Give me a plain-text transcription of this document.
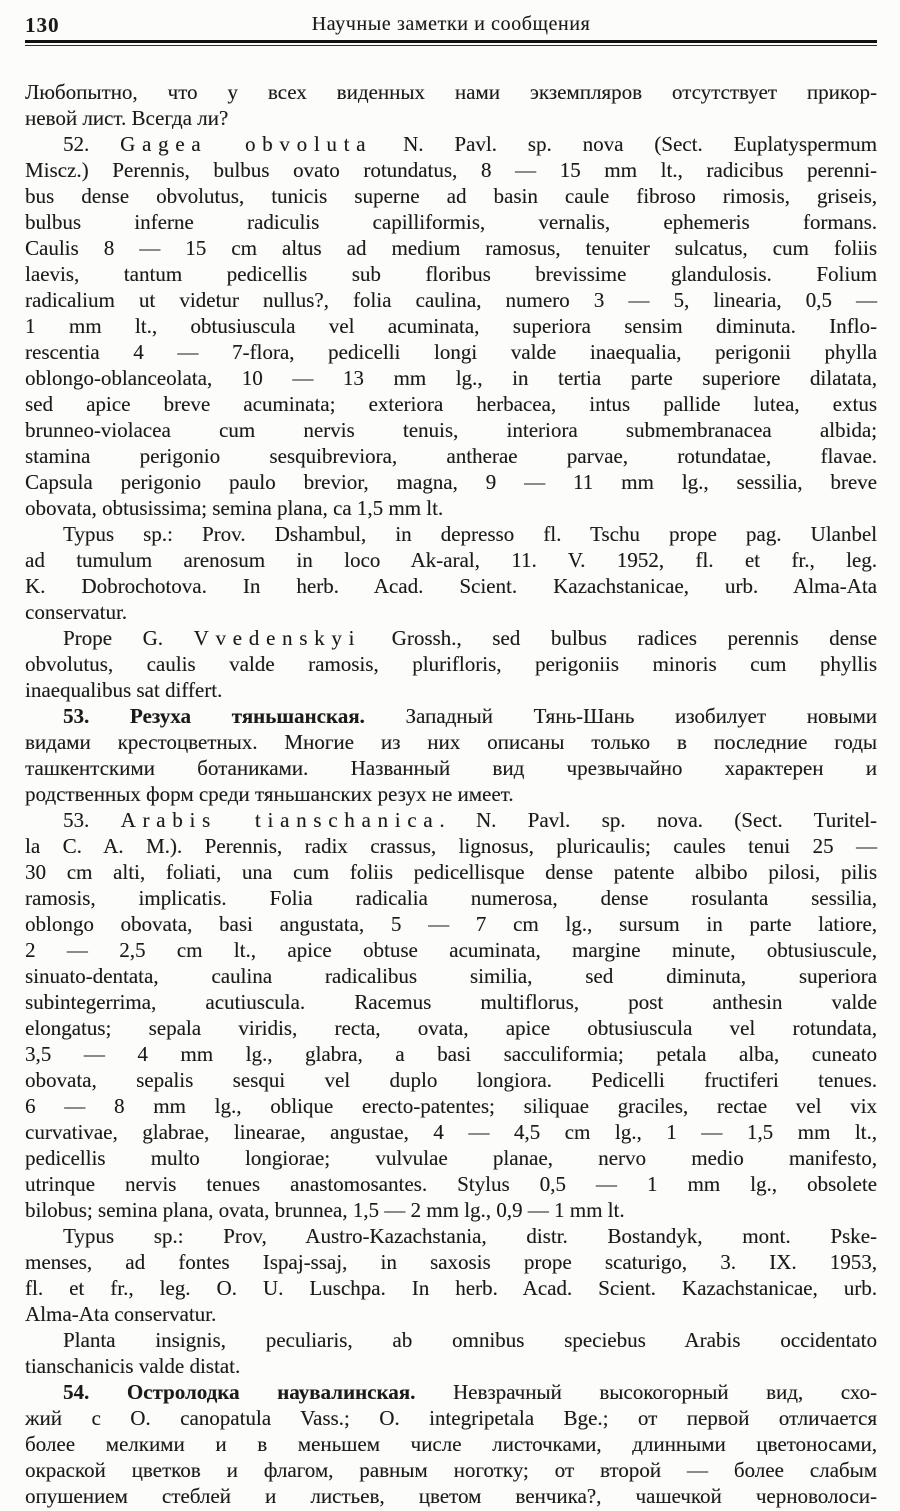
130	Научные заметки и сообщения
Любопытно, что у всех виденных нами экземпляров отсутствует прикор-
невой лист. Всегда ли?
52. Gagea obvoluta N. Pavl. sp. nova (Sect. Euplatyspermum
Miscz.) Perennis, bulbus ovato rotundatus, 8 — 15 mm lt., radicibus perenni-
bus dense obvolutus, tunicis superne ad basin caule fibroso rimosis, griseis,
bulbus inferne radiculis capilliformis, vernalis, ephemeris formans.
Caulis 8 — 15 cm altus ad medium ramosus, tenuiter sulcatus, cum foliis
laevis, tantum pedicellis sub floribus brevissime glandulosis. Folium
radicalium ut videtur nullus?, folia caulina, numero 3 — 5, linearia, 0,5 —
1 mm lt., obtusiuscula vel acuminata, superiora sensim diminuta. Inflo-
rescentia 4 — 7-flora, pedicelli longi valde inaequalia, perigonii phylla
oblongo-oblanceolata, 10 — 13 mm lg., in tertia parte superiore dilatata,
sed apice breve acuminata; exteriora herbacea, intus pallide lutea, extus
brunneo-violacea cum nervis tenuis, interiora submembranacea albida;
stamina perigonio sesquibreviora, antherae parvae, rotundatae, flavae.
Capsula perigonio paulo brevior, magna, 9 — 11 mm lg., sessilia, breve
obovata, obtusissima; semina plana, ca 1,5 mm lt.
Typus sp.: Prov. Dshambul, in depresso fl. Tschu prope pag. Ulanbel
ad tumulum arenosum in loco Ak-aral, 11. V. 1952, fl. et fr., leg.
K. Dobrochotova. In herb. Acad. Scient. Kazachstanicae, urb. Alma-Ata
conservatur.
Prope G. Vvedenskyi Grossh., sed bulbus radices perennis dense
obvolutus, caulis valde ramosis, plurifloris, perigoniis minoris cum phyllis
inaequalibus sat differt.
53. Резуха тяньшанская. Западный Тянь-Шань изобилует новыми
видами крестоцветных. Многие из них описаны только в последние годы
ташкентскими ботаниками. Названный вид чрезвычайно характерен и
родственных форм среди тяньшанских резух не имеет.
53. Arabis tianschanica. N. Pavl. sp. nova. (Sect. Turitel-
la C. A. M.). Perennis, radix crassus, lignosus, pluricaulis; caules tenui 25 —
30 cm alti, foliati, una cum foliis pedicellisque dense patente albibo pilosi, pilis
ramosis, implicatis. Folia radicalia numerosa, dense rosulanta sessilia,
oblongo obovata, basi angustata, 5 — 7 cm lg., sursum in parte latiore,
2 — 2,5 cm lt., apice obtuse acuminata, margine minute, obtusiuscule,
sinuato-dentata, caulina radicalibus similia, sed diminuta, superiora
subintegerrima, acutiuscula. Racemus multiflorus, post anthesin valde
elongatus; sepala viridis, recta, ovata, apice obtusiuscula vel rotundata,
3,5 — 4 mm lg., glabra, a basi sacculiformia; petala alba, cuneato
obovata, sepalis sesqui vel duplo longiora. Pedicelli fructiferi tenues.
6 — 8 mm lg., oblique erecto-patentes; siliquae graciles, rectae vel vix
curvativae, glabrae, linearae, angustae, 4 — 4,5 cm lg., 1 — 1,5 mm lt.,
pedicellis multo longiorae; vulvulae planae, nervo medio manifesto,
utrinque nervis tenues anastomosantes. Stylus 0,5 — 1 mm lg., obsolete
bilobus; semina plana, ovata, brunnea, 1,5 — 2 mm lg., 0,9 — 1 mm lt.
Typus sp.: Prov, Austro-Kazachstania, distr. Bostandyk, mont. Pske-
menses, ad fontes Ispaj-ssaj, in saxosis prope scaturigo, 3. IX. 1953,
fl. et fr., leg. O. U. Luschpa. In herb. Acad. Scient. Kazachstanicae, urb.
Alma-Ata conservatur.
Planta insignis, peculiaris, ab omnibus speciebus Arabis occidentato
tianschanicis valde distat.
54. Остролодка наувалинская. Невзрачный высокогорный вид, схо-
жий с O. canopatula Vass.; O. integripetala Bge.; от первой отличается
более мелкими и в меньшем числе листочками, длинными цветоносами,
окраской цветков и флагом, равным ноготку; от второй — более слабым
опушением стеблей и листьев, цветом венчика?, чашечкой черноволоси-
